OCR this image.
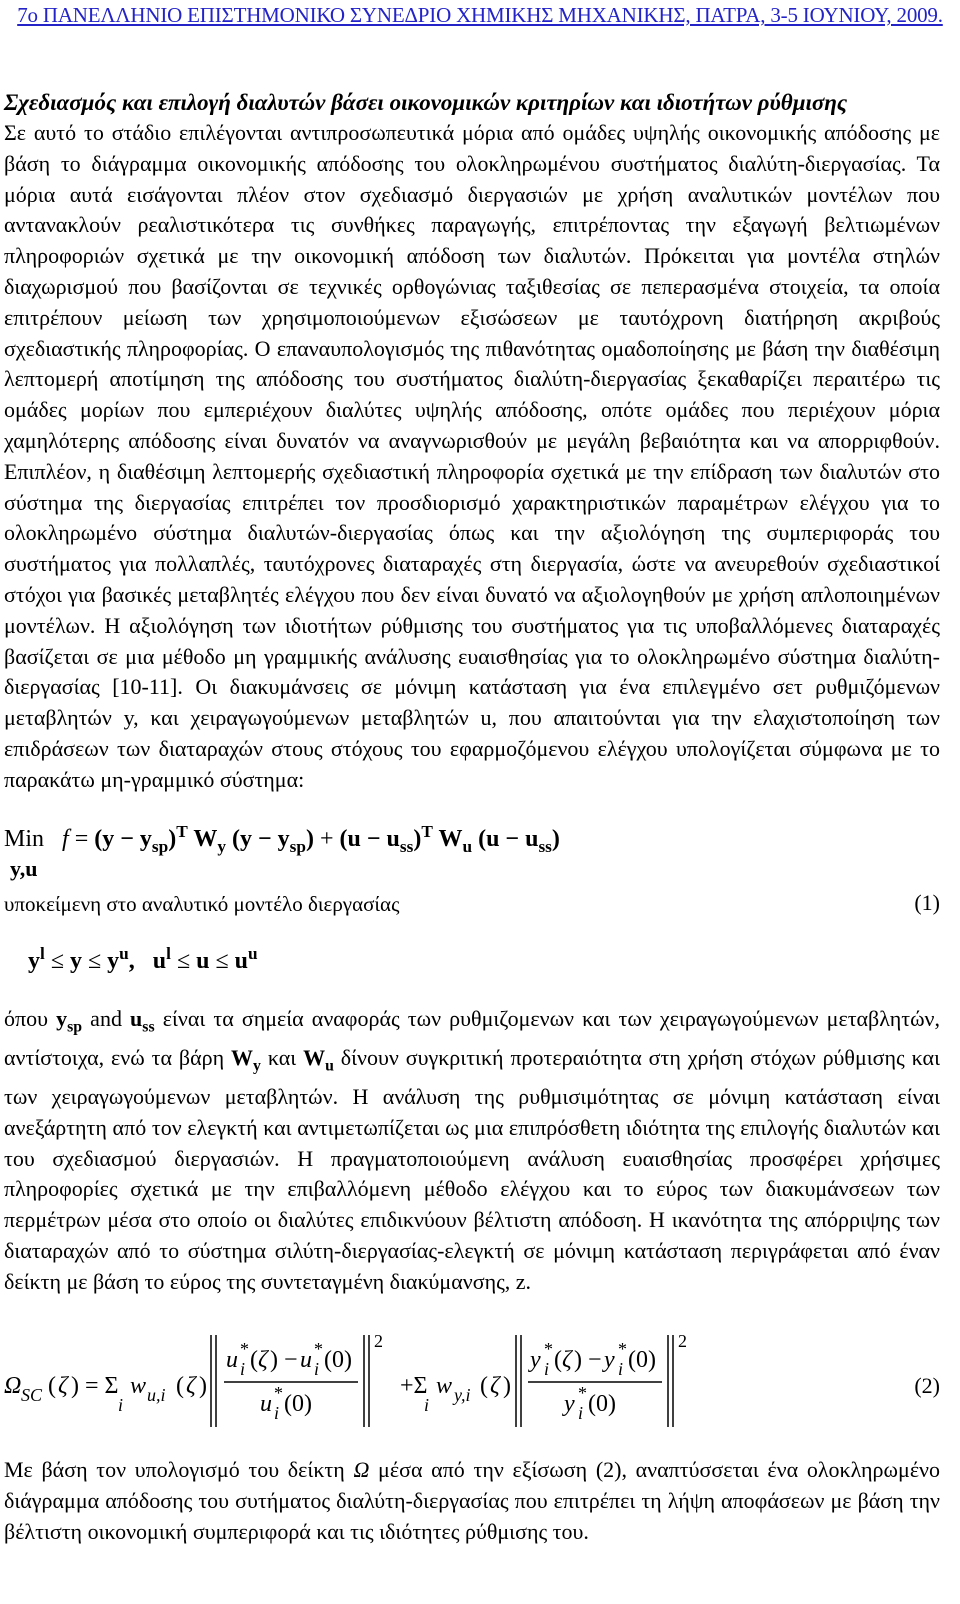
7ο ΠΑΝΕΛΛΗΝΙΟ ΕΠΙΣΤΗΜΟΝΙΚΟ ΣΥΝΕΔΡΙΟ ΧΗΜΙΚΗΣ ΜΗΧΑΝΙΚΗΣ, ΠΑΤΡΑ, 3-5 ΙΟΥΝΙΟΥ, 2009.

Σχεδιασμός και επιλογή διαλυτών βάσει οικονομικών κριτηρίων και ιδιοτήτων ρύθμισης

Σε αυτό το στάδιο επιλέγονται αντιπροσωπευτικά μόρια από ομάδες υψηλής οικονομικής απόδοσης με βάση το διάγραμμα οικονομικής απόδοσης του ολοκληρωμένου συστήματος διαλύτη-διεργασίας. Τα μόρια αυτά εισάγονται πλέον στον σχεδιασμό διεργασιών με χρήση αναλυτικών μοντέλων που αντανακλούν ρεαλιστικότερα τις συνθήκες παραγωγής, επιτρέποντας την εξαγωγή βελτιωμένων πληροφοριών σχετικά με την οικονομική απόδοση των διαλυτών. Πρόκειται για μοντέλα στηλών διαχωρισμού που βασίζονται σε τεχνικές ορθογώνιας ταξιθεσίας σε πεπερασμένα στοιχεία, τα οποία επιτρέπουν μείωση των χρησιμοποιούμενων εξισώσεων με ταυτόχρονη διατήρηση ακριβούς σχεδιαστικής πληροφορίας. Ο επαναυπολογισμός της πιθανότητας ομαδοποίησης με βάση την διαθέσιμη λεπτομερή αποτίμηση της απόδοσης του συστήματος διαλύτη-διεργασίας ξεκαθαρίζει περαιτέρω τις ομάδες μορίων που εμπεριέχουν διαλύτες υψηλής απόδοσης, οπότε ομάδες που περιέχουν μόρια χαμηλότερης απόδοσης είναι δυνατόν να αναγνωρισθούν με μεγάλη βεβαιότητα και να απορριφθούν. Επιπλέον, η διαθέσιμη λεπτομερής σχεδιαστική πληροφορία σχετικά με την επίδραση των διαλυτών στο σύστημα της διεργασίας επιτρέπει τον προσδιορισμό χαρακτηριστικών παραμέτρων ελέγχου για το ολοκληρωμένο σύστημα διαλυτών-διεργασίας όπως και την αξιολόγηση της συμπεριφοράς του συστήματος για πολλαπλές, ταυτόχρονες διαταραχές στη διεργασία, ώστε να ανευρεθούν σχεδιαστικοί στόχοι για βασικές μεταβλητές ελέγχου που δεν είναι δυνατό να αξιολογηθούν με χρήση απλοποιημένων μοντέλων. Η αξιολόγηση των ιδιοτήτων ρύθμισης του συστήματος για τις υποβαλλόμενες διαταραχές βασίζεται σε μια μέθοδο μη γραμμικής ανάλυσης ευαισθησίας για το ολοκληρωμένο σύστημα διαλύτη-διεργασίας [10-11]. Οι διακυμάνσεις σε μόνιμη κατάσταση για ένα επιλεγμένο σετ ρυθμιζόμενων μεταβλητών y, και χειραγωγούμενων μεταβλητών u, που απαιτούνται για την ελαχιστοποίηση των επιδράσεων των διαταραχών στους στόχους του εφαρμοζόμενου ελέγχου υπολογίζεται σύμφωνα με το παρακάτω μη-γραμμικό σύστημα:

Min   $f = (y - y_{sp})^T$ $W_y$ $(y - y_{sp}) + (u - u_{ss})^T$ $W_u$ $(u - u_{ss})$
y,u
υποκείμενη στο αναλυτικό μοντέλο διεργασίας	(1)
$y^l \le y \le y^u$, $u^l \le u \le u^u$

όπου $y_{sp}$ and $u_{ss}$ είναι τα σημεία αναφοράς των ρυθμιζομενων και των χειραγωγούμενων μεταβλητών, αντίστοιχα, ενώ τα βάρη $W_y$ και $W_u$ δίνουν συγκριτική προτεραιότητα στη χρήση στόχων ρύθμισης και των χειραγωγούμενων μεταβλητών. Η ανάλυση της ρυθμισιμότητας σε μόνιμη κατάσταση είναι ανεξάρτητη από τον ελεγκτή και αντιμετωπίζεται ως μια επιπρόσθετη ιδιότητα της επιλογής διαλυτών και του σχεδιασμού διεργασιών. Η πραγματοποιούμενη ανάλυση ευαισθησίας προσφέρει χρήσιμες πληροφορίες σχετικά με την επιβαλλόμενη μέθοδο ελέγχου και το εύρος των διακυμάνσεων των περμέτρων μέσα στο οποίο οι διαλύτες επιδικνύουν βέλτιστη απόδοση. Η ικανότητα της απόρριψης των διαταραχών από το σύστημα σιλύτη-διεργασίας-ελεγκτή σε μόνιμη κατάσταση περιγράφεται από έναν δείκτη με βάση το εύρος της συντεταγμένη διακύμανσης, z.

Ω SC ( ζ ) = Σ
i
w u,i ( ζ )
u *
i ( ζ ) − u *
i (0)
u *
i (0)
2
+Σ
i
w y,i ( ζ )
y *
i ( ζ ) − y *
i (0)
y *
i (0)
2
(2)

Με βάση τον υπολογισμό του δείκτη Ω μέσα από την εξίσωση (2), αναπτύσσεται ένα ολοκληρωμένο διάγραμμα απόδοσης του συτήματος διαλύτη-διεργασίας που επιτρέπει τη λήψη αποφάσεων με βάση την βέλτιστη οικονομική συμπεριφορά και τις ιδιότητες ρύθμισης του.
